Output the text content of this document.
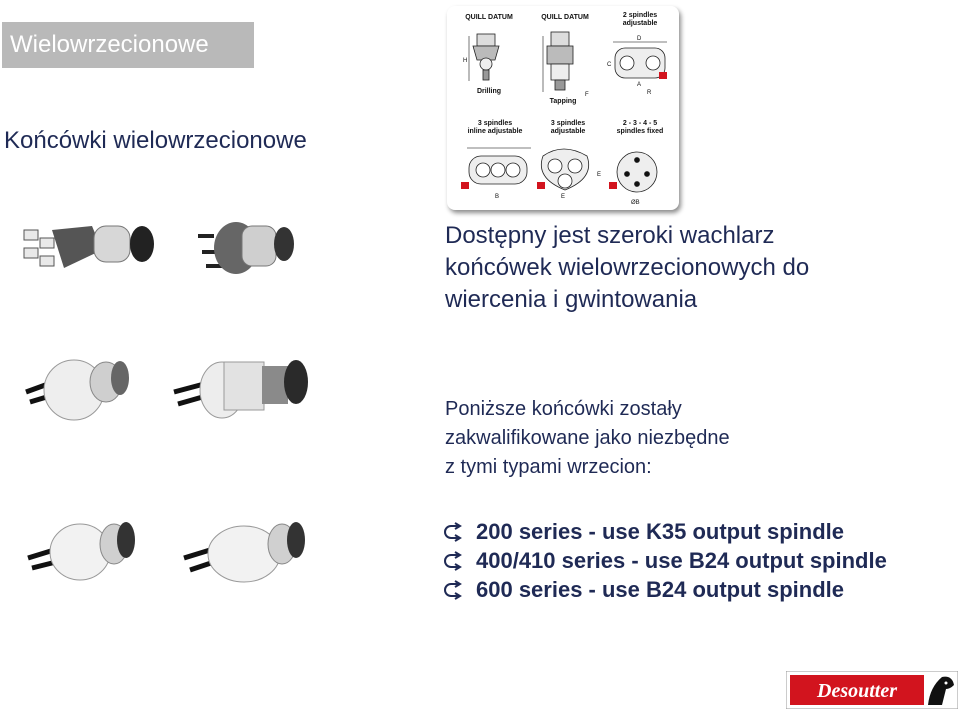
Wielowrzecionowe
Końcówki wielowrzecionowe
H
F
D
C
A
R
B	E
E
ØB
QUILL DATUM	QUILL DATUM	2 spindles
adjustable
Drilling
Tapping
3 spindles
inline adjustable
3 spindles
adjustable
2 - 3 - 4 - 5
spindles fixed
Dostępny jest szeroki wachlarz
końcówek wielowrzecionowych do
wiercenia i gwintowania
Poniższe końcówki zostały
zakwalifikowane jako niezbędne
z tymi typami wrzecion:
200 series - use K35 output spindle
400/410 series - use B24 output spindle
600 series - use B24 output spindle
Desoutter
